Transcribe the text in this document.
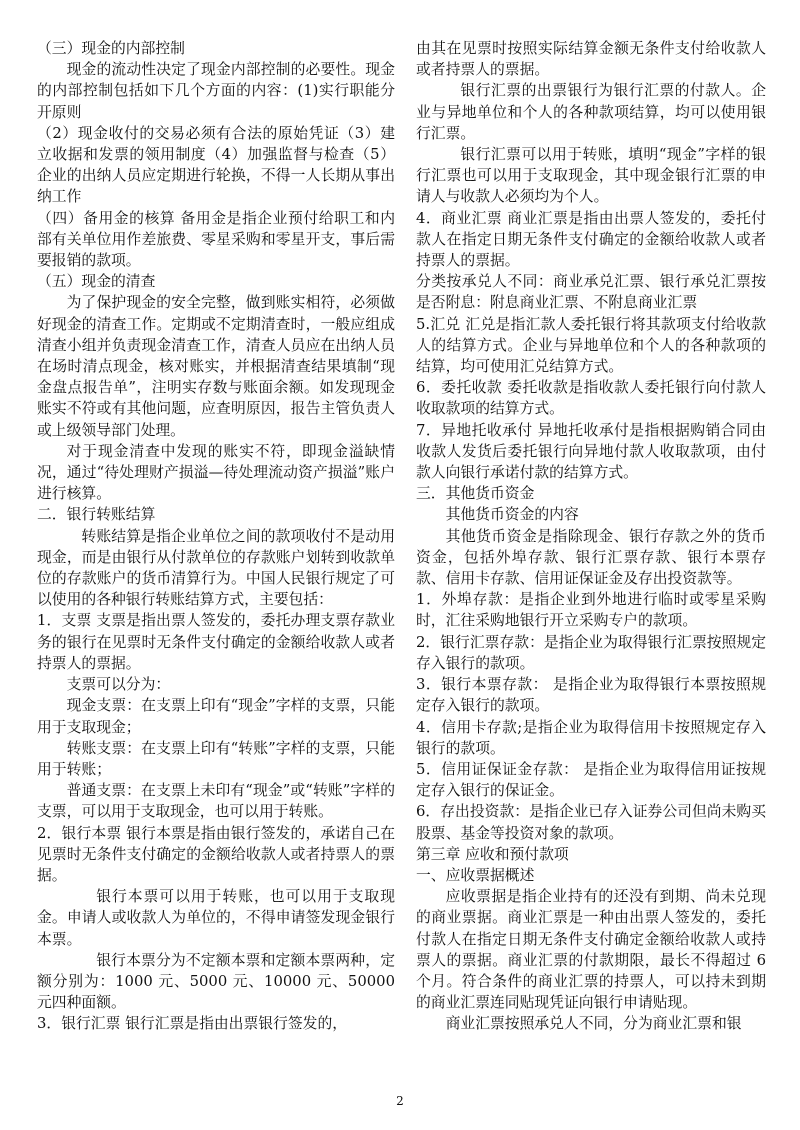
（三）现金的内部控制

现金的流动性决定了现金内部控制的必要性。现金的内部控制包括如下几个方面的内容：(1)实行职能分开原则

（2）现金收付的交易必须有合法的原始凭证（3）建立收据和发票的领用制度（4）加强监督与检查（5）企业的出纳人员应定期进行轮换，不得一人长期从事出纳工作

（四）备用金的核算 备用金是指企业预付给职工和内部有关单位用作差旅费、零星采购和零星开支，事后需要报销的款项。

（五）现金的清查

为了保护现金的安全完整，做到账实相符，必须做好现金的清查工作。定期或不定期清查时，一般应组成清查小组并负责现金清查工作，清查人员应在出纳人员在场时清点现金，核对账实，并根据清查结果填制“现金盘点报告单”，注明实存数与账面余额。如发现现金账实不符或有其他问题，应查明原因，报告主管负责人或上级领导部门处理。

对于现金清查中发现的账实不符，即现金溢缺情况，通过“待处理财产损溢—待处理流动资产损溢”账户进行核算。

二．银行转账结算

转账结算是指企业单位之间的款项收付不是动用现金，而是由银行从付款单位的存款账户划转到收款单位的存款账户的货币清算行为。中国人民银行规定了可以使用的各种银行转账结算方式，主要包括：

1．支票 支票是指出票人签发的，委托办理支票存款业务的银行在见票时无条件支付确定的金额给收款人或者持票人的票据。

支票可以分为：

现金支票：在支票上印有“现金”字样的支票，只能用于支取现金；

转账支票：在支票上印有“转账”字样的支票，只能用于转账；

普通支票：在支票上未印有“现金”或“转账”字样的支票，可以用于支取现金，也可以用于转账。

2．银行本票 银行本票是指由银行签发的，承诺自己在见票时无条件支付确定的金额给收款人或者持票人的票据。

银行本票可以用于转账，也可以用于支取现金。申请人或收款人为单位的，不得申请签发现金银行本票。

银行本票分为不定额本票和定额本票两种，定额分别为：1000 元、5000 元、10000 元、50000 元四种面额。

3．银行汇票 银行汇票是指由出票银行签发的，

由其在见票时按照实际结算金额无条件支付给收款人或者持票人的票据。

银行汇票的出票银行为银行汇票的付款人。企业与异地单位和个人的各种款项结算，均可以使用银行汇票。

银行汇票可以用于转账，填明“现金”字样的银行汇票也可以用于支取现金，其中现金银行汇票的申请人与收款人必须均为个人。

4．商业汇票 商业汇票是指由出票人签发的，委托付款人在指定日期无条件支付确定的金额给收款人或者持票人的票据。

分类按承兑人不同：商业承兑汇票、银行承兑汇票按是否附息：附息商业汇票、不附息商业汇票

5.汇兑 汇兑是指汇款人委托银行将其款项支付给收款人的结算方式。企业与异地单位和个人的各种款项的结算，均可使用汇兑结算方式。

6．委托收款 委托收款是指收款人委托银行向付款人收取款项的结算方式。

7．异地托收承付 异地托收承付是指根据购销合同由收款人发货后委托银行向异地付款人收取款项，由付款人向银行承诺付款的结算方式。

三．其他货币资金

其他货币资金的内容

其他货币资金是指除现金、银行存款之外的货币资金，包括外埠存款、银行汇票存款、银行本票存款、信用卡存款、信用证保证金及存出投资款等。

1．外埠存款：是指企业到外地进行临时或零星采购时，汇往采购地银行开立采购专户的款项。

2．银行汇票存款：是指企业为取得银行汇票按照规定存入银行的款项。

3．银行本票存款： 是指企业为取得银行本票按照规定存入银行的款项。

4．信用卡存款;是指企业为取得信用卡按照规定存入银行的款项。

5．信用证保证金存款： 是指企业为取得信用证按规定存入银行的保证金。

6．存出投资款：是指企业已存入证券公司但尚未购买股票、基金等投资对象的款项。

第三章 应收和预付款项

一、应收票据概述

应收票据是指企业持有的还没有到期、尚未兑现的商业票据。商业汇票是一种由出票人签发的，委托付款人在指定日期无条件支付确定金额给收款人或持票人的票据。商业汇票的付款期限，最长不得超过 6 个月。符合条件的商业汇票的持票人，可以持未到期的商业汇票连同贴现凭证向银行申请贴现。

商业汇票按照承兑人不同，分为商业汇票和银

2
